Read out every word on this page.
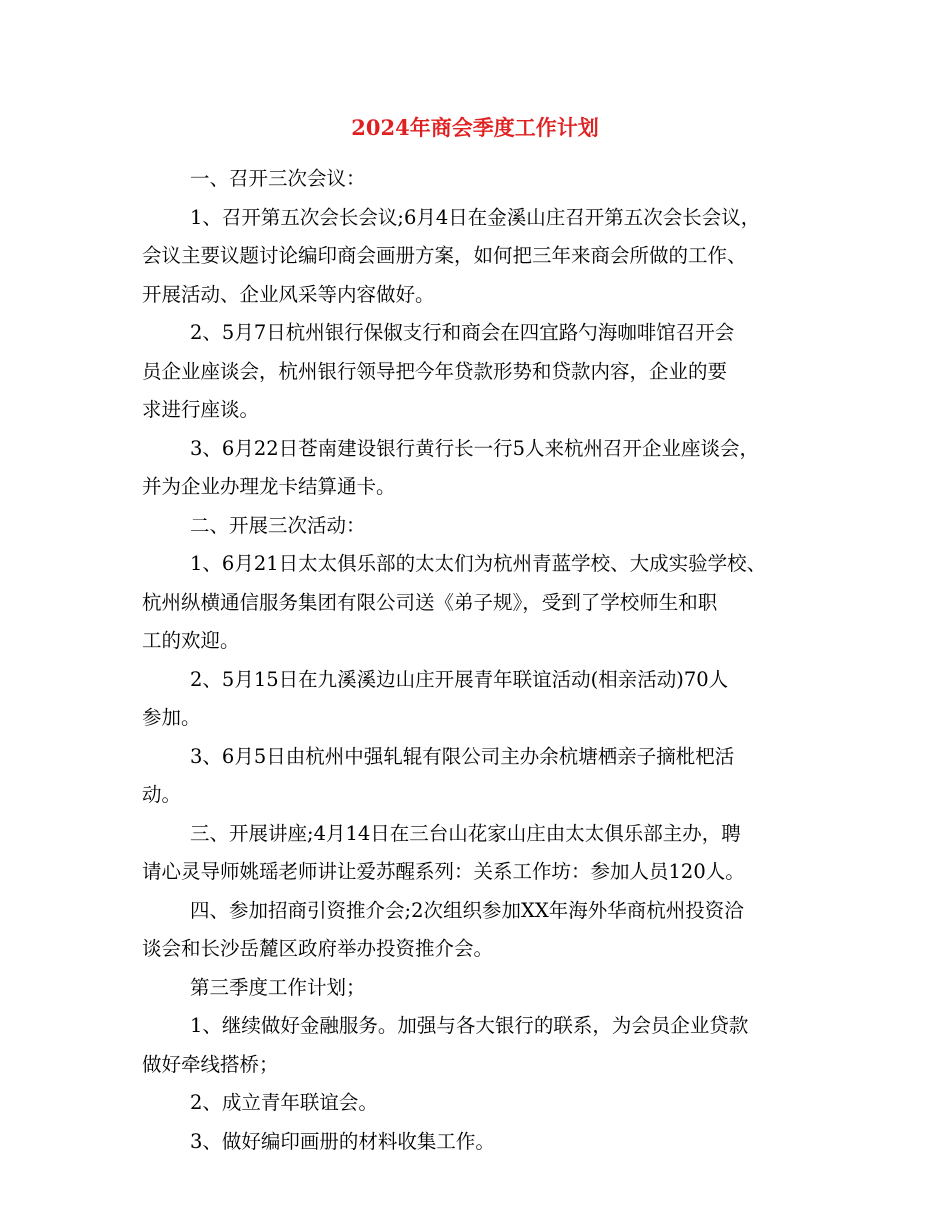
2024年商会季度工作计划
一、召开三次会议：
1、召开第五次会长会议;6月4日在金溪山庄召开第五次会长会议，
会议主要议题讨论编印商会画册方案，如何把三年来商会所做的工作、
开展活动、企业风采等内容做好。
2、5月7日杭州银行保俶支行和商会在四宜路勺海咖啡馆召开会
员企业座谈会，杭州银行领导把今年贷款形势和贷款内容，企业的要
求进行座谈。
3、6月22日苍南建设银行黄行长一行5人来杭州召开企业座谈会，
并为企业办理龙卡结算通卡。
二、开展三次活动：
1、6月21日太太俱乐部的太太们为杭州青蓝学校、大成实验学校、
杭州纵横通信服务集团有限公司送《弟子规》，受到了学校师生和职
工的欢迎。
2、5月15日在九溪溪边山庄开展青年联谊活动(相亲活动)70人
参加。
3、6月5日由杭州中强轧辊有限公司主办余杭塘栖亲子摘枇杷活
动。
三、开展讲座;4月14日在三台山花家山庄由太太俱乐部主办，聘
请心灵导师姚瑶老师讲让爱苏醒系列：关系工作坊：参加人员120人。
四、参加招商引资推介会;2次组织参加XX年海外华商杭州投资洽
谈会和长沙岳麓区政府举办投资推介会。
第三季度工作计划；
1、继续做好金融服务。加强与各大银行的联系，为会员企业贷款
做好牵线搭桥；
2、成立青年联谊会。
3、做好编印画册的材料收集工作。
